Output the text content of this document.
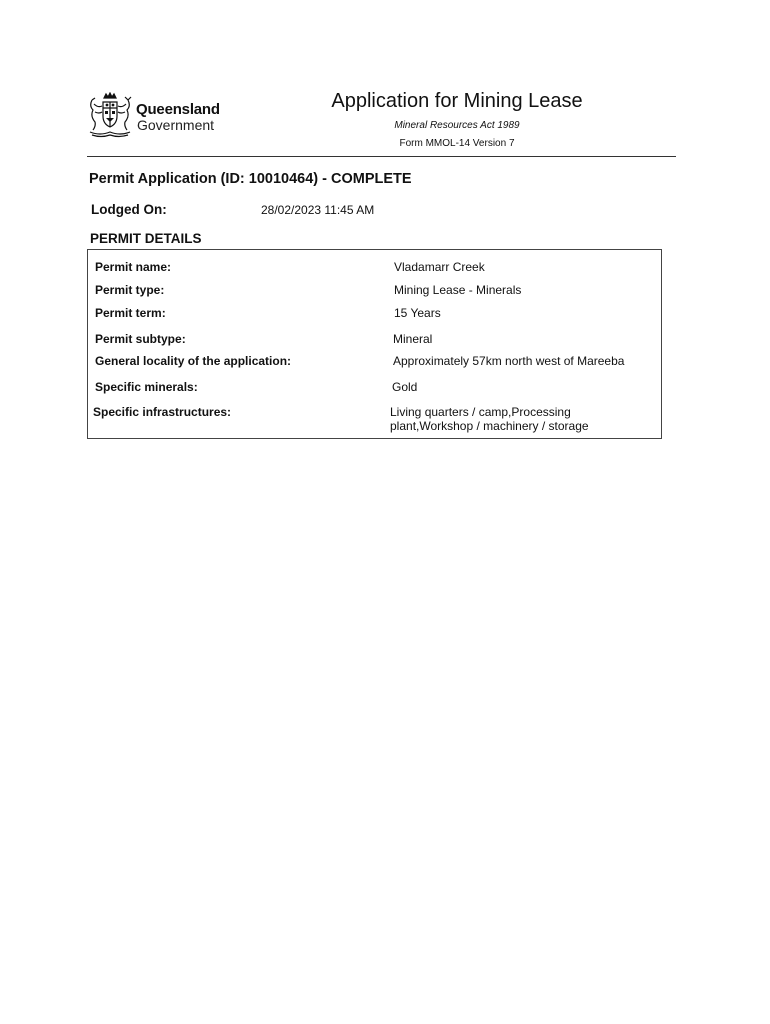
Queensland
Government
Application for Mining Lease
Mineral Resources Act 1989
Form MMOL-14 Version 7
Permit Application (ID: 10010464) - COMPLETE
Lodged On:	28/02/2023 11:45 AM
PERMIT DETAILS
Permit name:	Vladamarr Creek
Permit type:	Mining Lease - Minerals
Permit term:	15 Years
Permit subtype:	Mineral
General locality of the application:	Approximately 57km north west of Mareeba
Specific minerals:	Gold
Specific infrastructures:	Living quarters / camp,Processing plant,Workshop / machinery / storage
